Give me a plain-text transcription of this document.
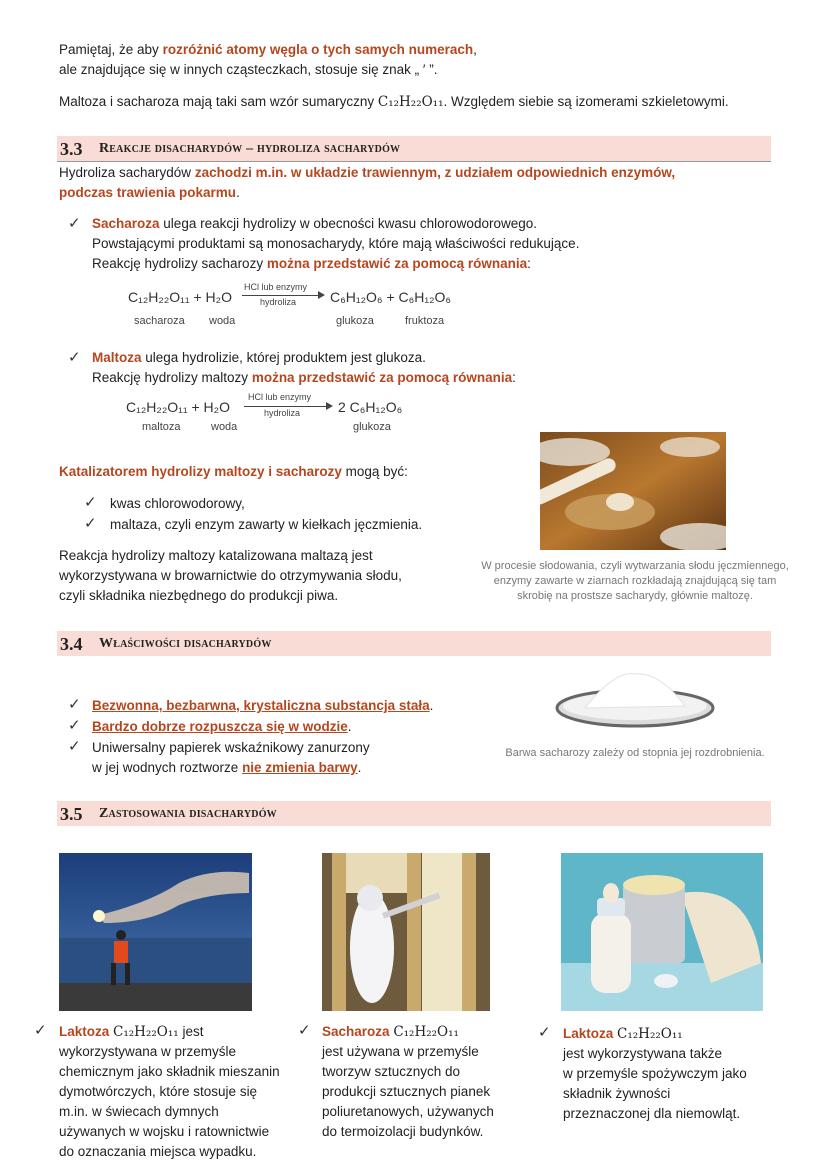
Pamiętaj, że aby rozróżnić atomy węgla o tych samych numerach,

ale znajdujące się w innych cząsteczkach, stosuje się znak „ ′ ”.

Maltoza i sacharoza mają taki sam wzór sumaryczny C₁₂H₂₂O₁₁. Względem siebie są izomerami szkieletowymi.

3.3 Reakcje disacharydów – hydroliza sacharydów

Hydroliza sacharydów zachodzi m.in. w układzie trawiennym, z udziałem odpowiednich enzymów,

podczas trawienia pokarmu.

✓ Sacharoza ulega reakcji hydrolizy w obecności kwasu chlorowodorowego.

Powstającymi produktami są monosacharydy, które mają właściwości redukujące.

Reakcję hydrolizy sacharozy można przedstawić za pomocą równania:

C₁₂H₂₂O₁₁ + H₂O
HCl lub enzymy
hydroliza C₆H₁₂O₆ + C₆H₁₂O₆
sacharoza woda	glukoza	fruktoza
✓ Maltoza ulega hydrolizie, której produktem jest glukoza.

Reakcję hydrolizy maltozy można przedstawić za pomocą równania:

C₁₂H₂₂O₁₁ + H₂O
HCl lub enzymy
hydroliza	2 C₆H₁₂O₆
maltoza	woda	glukoza

Katalizatorem hydrolizy maltozy i sacharozy mogą być:

✓ kwas chlorowodorowy,

✓ maltaza, czyli enzym zawarty w kiełkach jęczmienia.

Reakcja hydrolizy maltozy katalizowana maltazą jest

wykorzystywana w browarnictwie do otrzymywania słodu,

czyli składnika niezbędnego do produkcji piwa.

W procesie słodowania, czyli wytwarzania słodu jęczmiennego,
enzymy zawarte w ziarnach rozkładają znajdującą się tam
skrobię na prostsze sacharydy, głównie maltozę.
3.4 Właściwości disacharydów
✓ Bezwonna, bezbarwna, krystaliczna substancja stała.

✓ Bardzo dobrze rozpuszcza się w wodzie.

✓ Uniwersalny papierek wskaźnikowy zanurzony

w jej wodnych roztworze nie zmienia barwy.

Barwa sacharozy zależy od stopnia jej rozdrobnienia.
3.5 Zastosowania disacharydów
✓ Laktoza C₁₂H₂₂O₁₁ jest

wykorzystywana w przemyśle

chemicznym jako składnik mieszanin

dymotwórczych, które stosuje się

m.in. w świecach dymnych

używanych w wojsku i ratownictwie

do oznaczania miejsca wypadku.

✓ Sacharoza C₁₂H₂₂O₁₁

jest używana w przemyśle

tworzyw sztucznych do

produkcji sztucznych pianek

poliuretanowych, używanych

do termoizolacji budynków.

✓ Laktoza C₁₂H₂₂O₁₁

jest wykorzystywana także

w przemyśle spożywczym jako

składnik żywności

przeznaczonej dla niemowląt.
